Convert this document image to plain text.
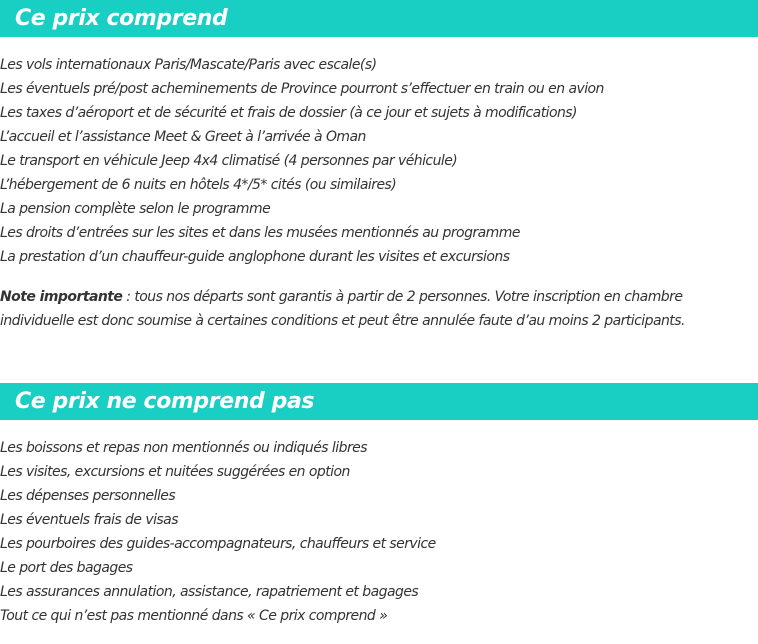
Ce prix comprend
Les vols internationaux Paris/Mascate/Paris avec escale(s)
Les éventuels pré/post acheminements de Province pourront s’effectuer en train ou en avion
Les taxes d’aéroport et de sécurité et frais de dossier (à ce jour et sujets à modifications)
L’accueil et l’assistance Meet & Greet à l’arrivée à Oman
Le transport en véhicule Jeep 4x4 climatisé (4 personnes par véhicule)
L’hébergement de 6 nuits en hôtels 4*/5* cités (ou similaires)
La pension complète selon le programme
Les droits d’entrées sur les sites et dans les musées mentionnés au programme
La prestation d’un chauffeur-guide anglophone durant les visites et excursions

Note importante : tous nos départs sont garantis à partir de 2 personnes. Votre inscription en chambre individuelle est donc soumise à certaines conditions et peut être annulée faute d’au moins 2 participants.

Ce prix ne comprend pas
Les boissons et repas non mentionnés ou indiqués libres
Les visites, excursions et nuitées suggérées en option
Les dépenses personnelles
Les éventuels frais de visas
Les pourboires des guides-accompagnateurs, chauffeurs et service
Le port des bagages
Les assurances annulation, assistance, rapatriement et bagages
Tout ce qui n’est pas mentionné dans « Ce prix comprend »
